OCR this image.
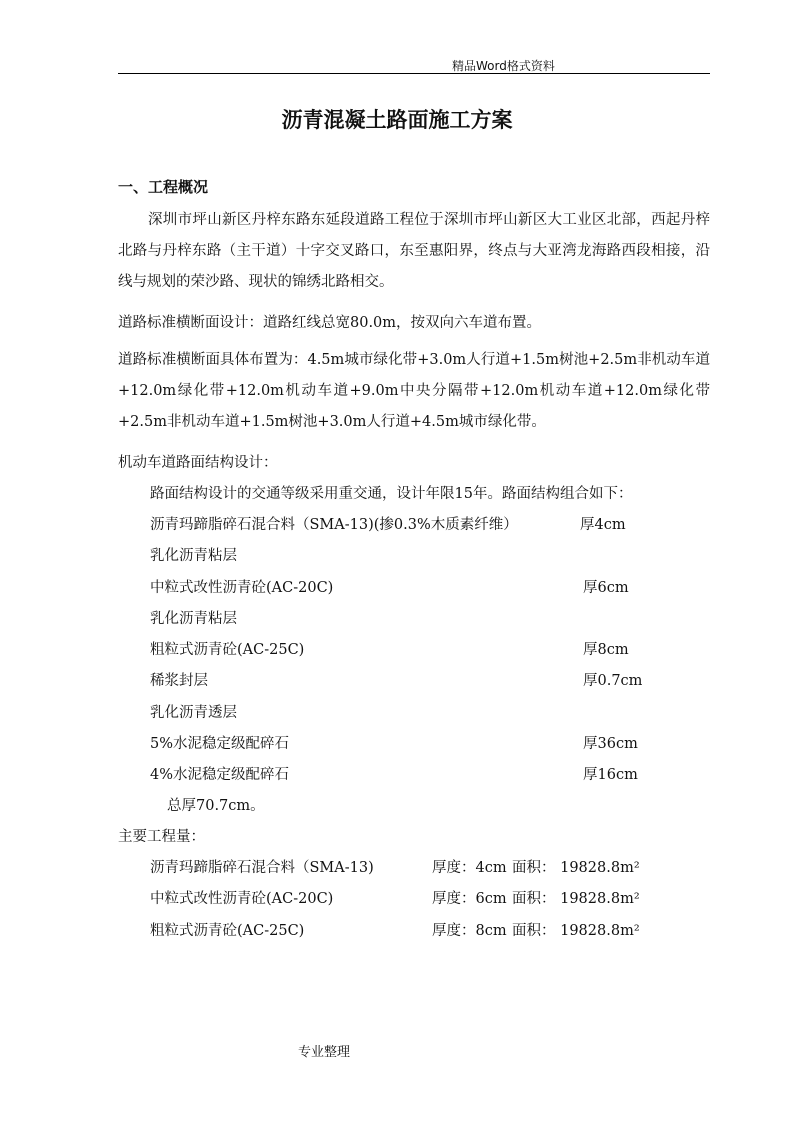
精品Word格式资料
沥青混凝土路面施工方案
一、工程概况
深圳市坪山新区丹梓东路东延段道路工程位于深圳市坪山新区大工业区北部，西起丹梓北路与丹梓东路（主干道）十字交叉路口，东至惠阳界，终点与大亚湾龙海路西段相接，沿线与规划的荣沙路、现状的锦绣北路相交。
道路标准横断面设计：道路红线总宽80.0m，按双向六车道布置。
道路标准横断面具体布置为：4.5m城市绿化带+3.0m人行道+1.5m树池+2.5m非机动车道+12.0m绿化带+12.0m机动车道+9.0m中央分隔带+12.0m机动车道+12.0m绿化带+2.5m非机动车道+1.5m树池+3.0m人行道+4.5m城市绿化带。
机动车道路面结构设计：
路面结构设计的交通等级采用重交通，设计年限15年。路面结构组合如下：
沥青玛蹄脂碎石混合料（SMA-13)(掺0.3%木质素纤维）	厚4cm
乳化沥青粘层
中粒式改性沥青砼(AC-20C)	厚6cm
乳化沥青粘层
粗粒式沥青砼(AC-25C)	厚8cm
稀浆封层	厚0.7cm
乳化沥青透层
5%水泥稳定级配碎石	厚36cm
4%水泥稳定级配碎石	厚16cm
总厚70.7cm。
主要工程量：
沥青玛蹄脂碎石混合料（SMA-13)	厚度：4cm 面积： 19828.8m²
中粒式改性沥青砼(AC-20C)	厚度：6cm 面积： 19828.8m²
粗粒式沥青砼(AC-25C)	厚度：8cm 面积： 19828.8m²
专业整理
